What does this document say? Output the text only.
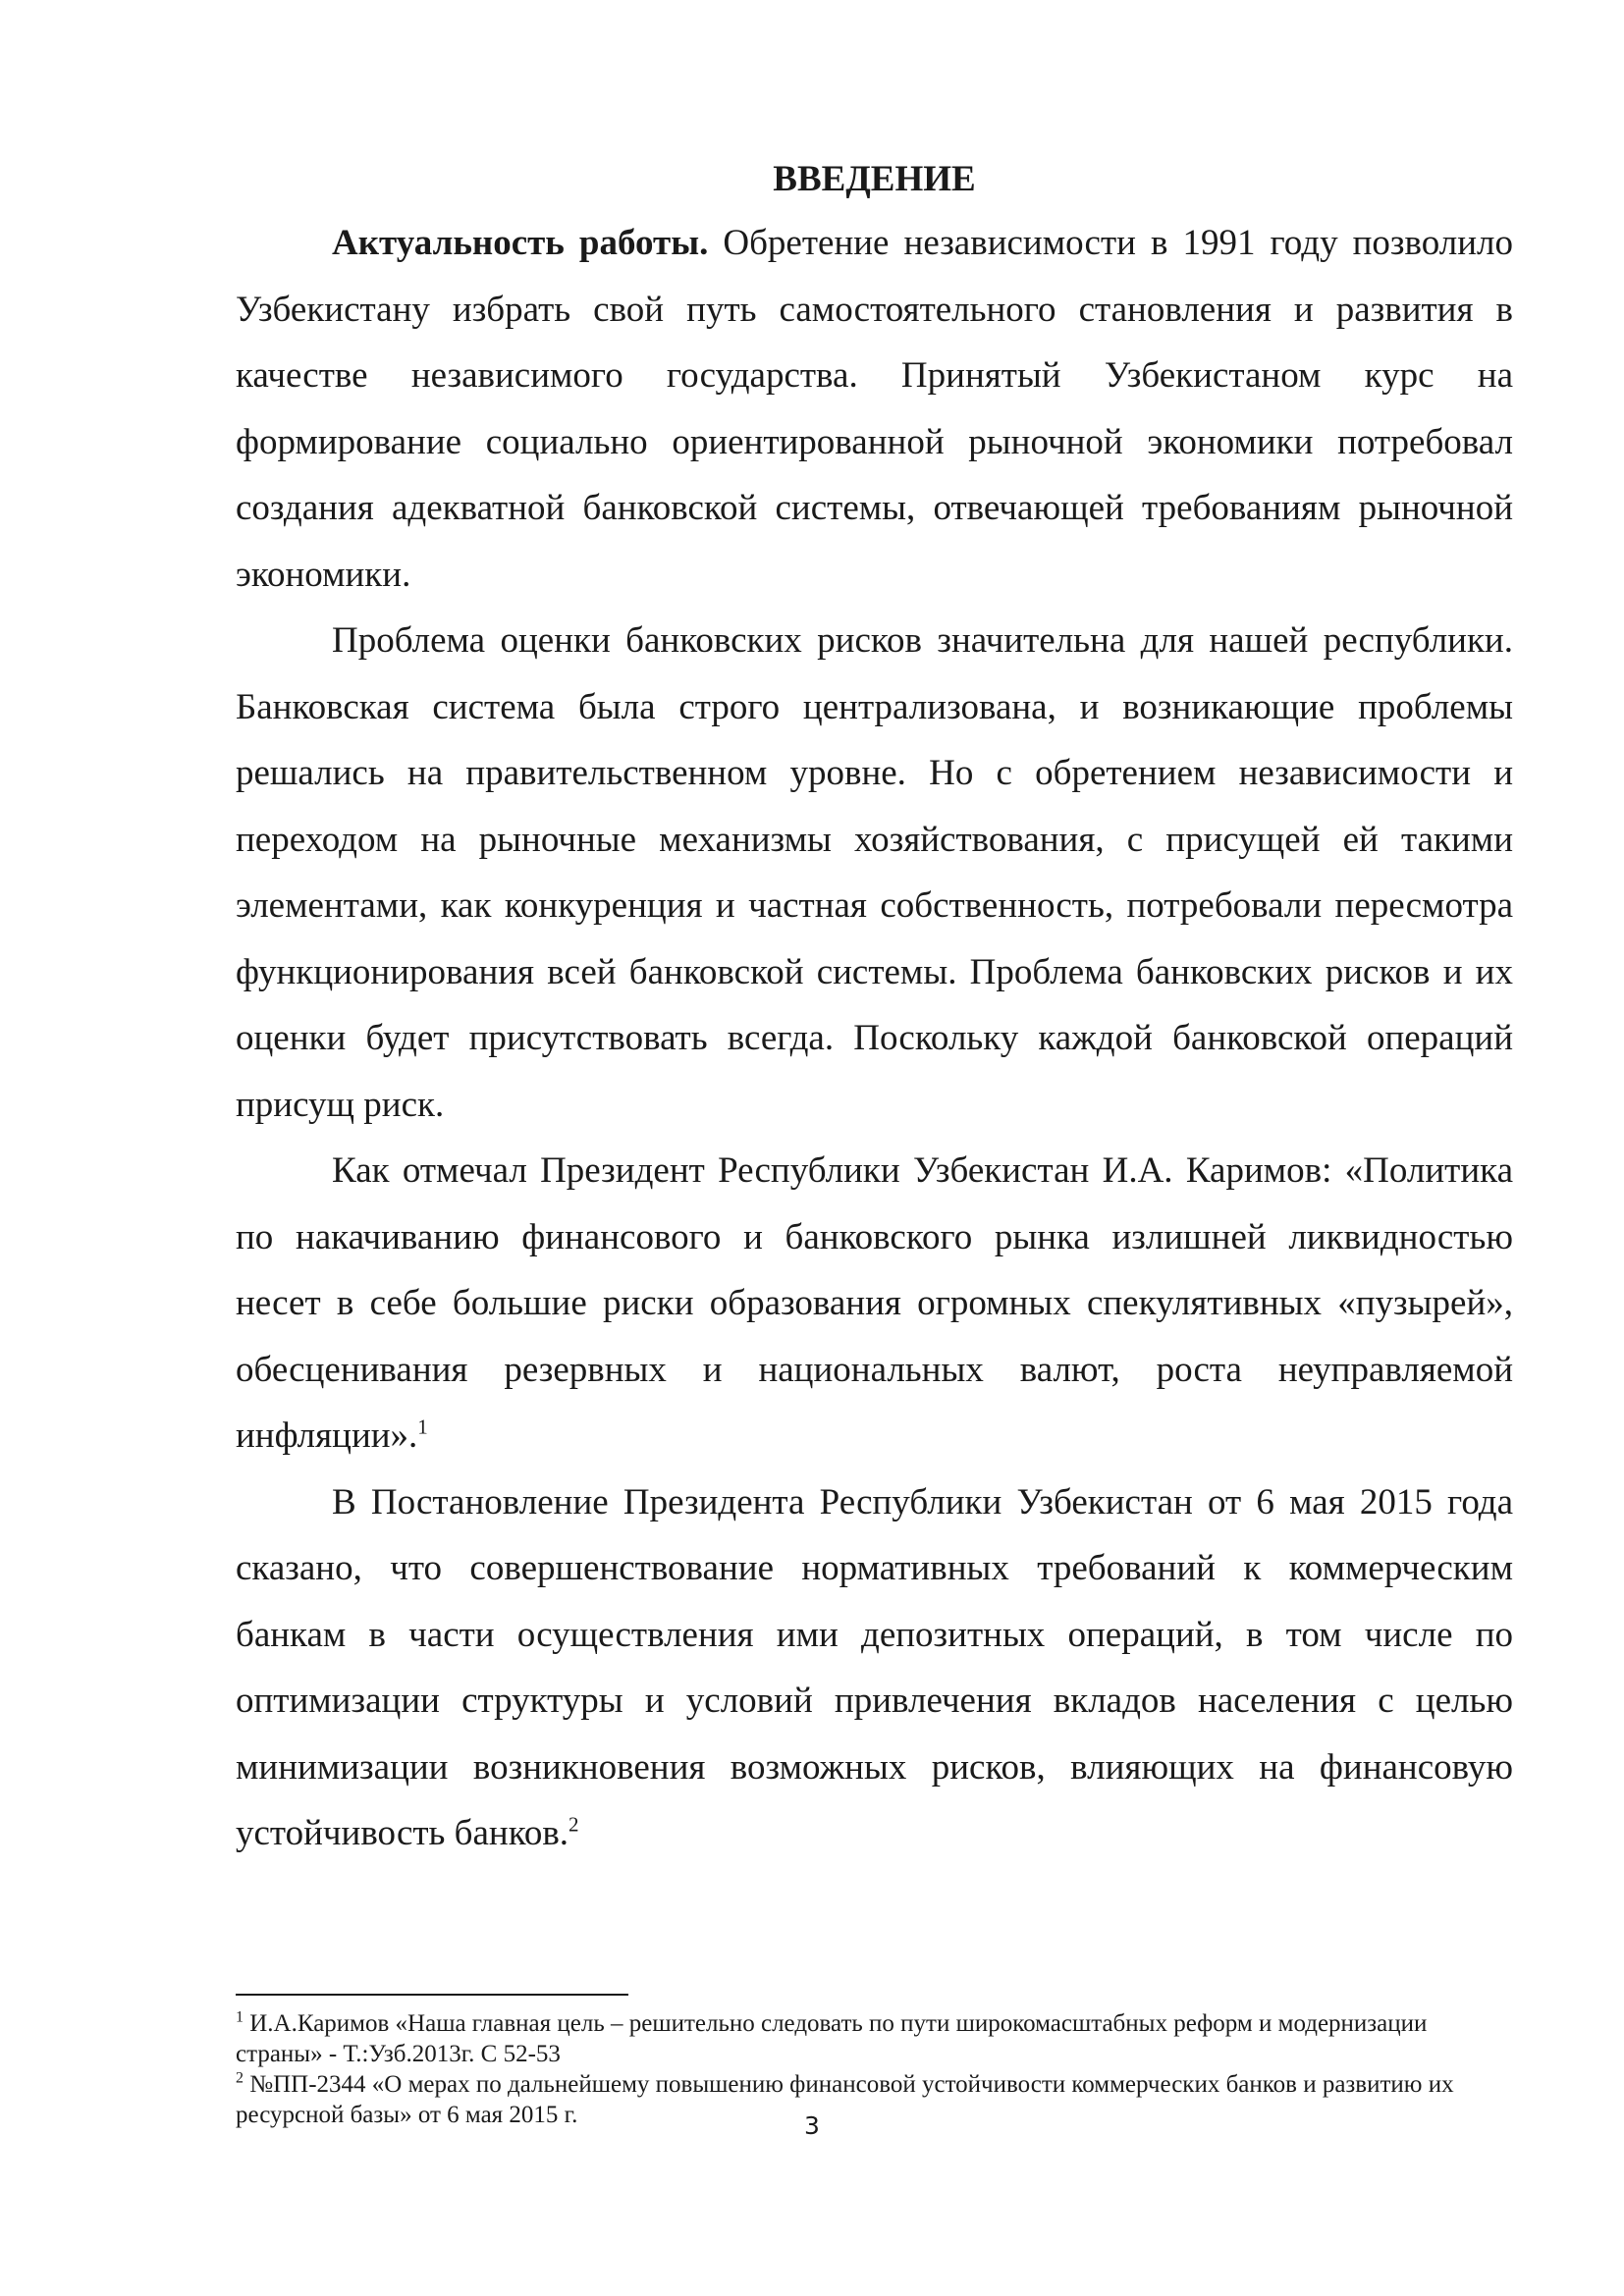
ВВЕДЕНИЕ

Актуальность работы. Обретение независимости в 1991 году позволило Узбекистану избрать свой путь самостоятельного становления и развития в качестве независимого государства. Принятый Узбекистаном курс на формирование социально ориентированной рыночной экономики потребовал создания адекватной банковской системы, отвечающей требованиям рыночной экономики.

Проблема оценки банковских рисков значительна для нашей республики. Банковская система была строго централизована, и возникающие проблемы решались на правительственном уровне. Но с обретением независимости и переходом на рыночные механизмы хозяйствования, с присущей ей такими элементами, как конкуренция и частная собственность, потребовали пересмотра функционирования всей банковской системы. Проблема банковских рисков и их оценки будет присутствовать всегда. Поскольку каждой банковской операций присущ риск.

Как отмечал Президент Республики Узбекистан И.А. Каримов: «Политика по накачиванию финансового и банковского рынка излишней ликвидностью несет в себе большие риски образования огромных спекулятивных «пузырей», обесценивания резервных и национальных валют, роста неуправляемой инфляции».$^1$

В Постановление Президента Республики Узбекистан от 6 мая 2015 года сказано, что совершенствование нормативных требований к коммерческим банкам в части осуществления ими депозитных операций, в том числе по оптимизации структуры и условий привлечения вкладов населения с целью минимизации возникновения возможных рисков, влияющих на финансовую устойчивость банков.$^2$

$^1$ И.А.Каримов «Наша главная цель – решительно следовать по пути широкомасштабных реформ и модернизации страны» - Т.:Узб.2013г. С 52-53

$^2$ №ПП-2344 «О мерах по дальнейшему повышению финансовой устойчивости коммерческих банков и развитию их ресурсной базы» от 6 мая 2015 г.	3
